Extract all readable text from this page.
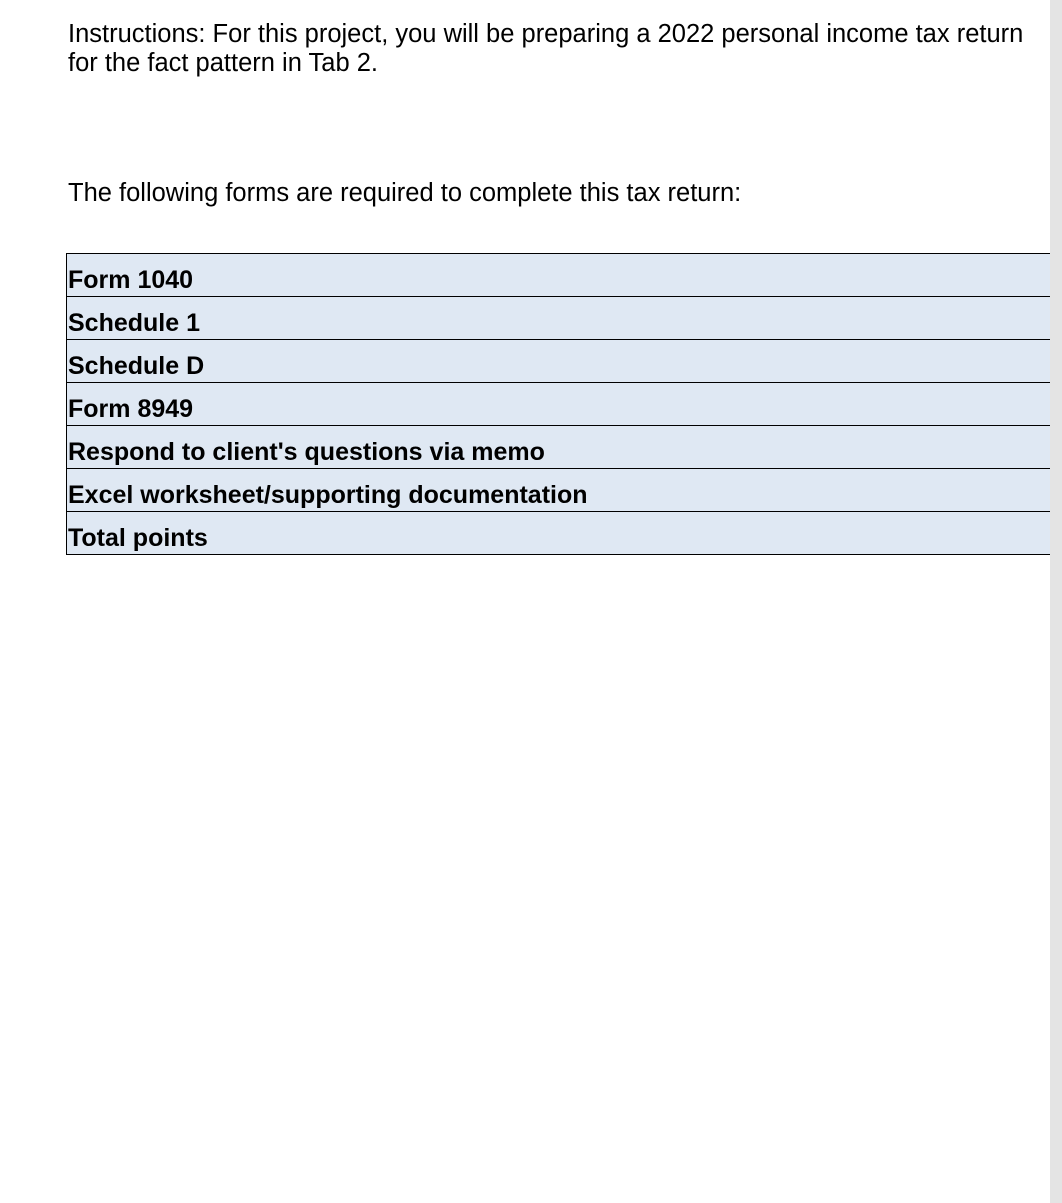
Instructions: For this project, you will be preparing a 2022 personal income tax return
for the fact pattern in Tab 2.
The following forms are required to complete this tax return:
Form 1040
Schedule 1
Schedule D
Form 8949
Respond to client's questions via memo
Excel worksheet/supporting documentation
Total points
